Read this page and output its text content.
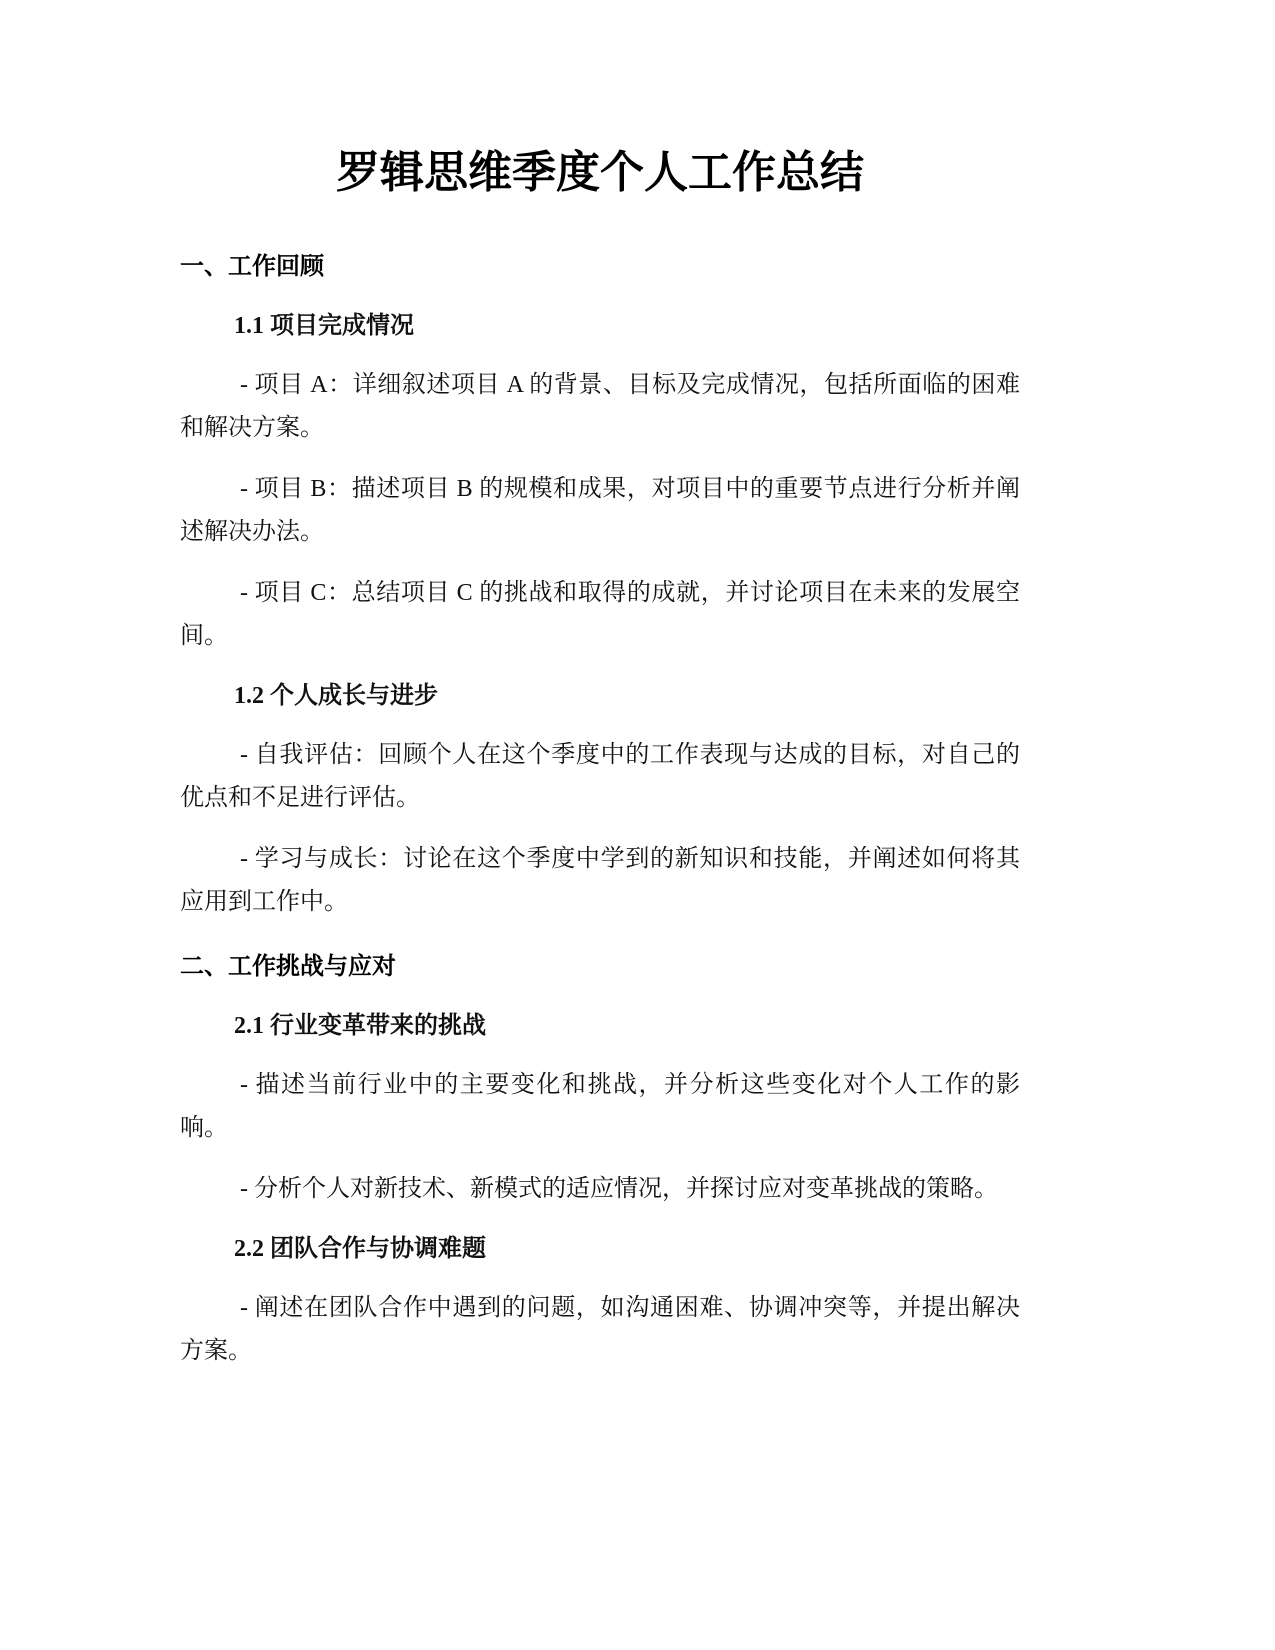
罗辑思维季度个人工作总结
一、工作回顾
1.1 项目完成情况

- 项目 A：详细叙述项目 A 的背景、目标及完成情况，包括所面临的困难和解决方案。

- 项目 B：描述项目 B 的规模和成果，对项目中的重要节点进行分析并阐述解决办法。

- 项目 C：总结项目 C 的挑战和取得的成就，并讨论项目在未来的发展空间。

1.2 个人成长与进步

- 自我评估：回顾个人在这个季度中的工作表现与达成的目标，对自己的优点和不足进行评估。

- 学习与成长：讨论在这个季度中学到的新知识和技能，并阐述如何将其应用到工作中。

二、工作挑战与应对
2.1 行业变革带来的挑战

- 描述当前行业中的主要变化和挑战，并分析这些变化对个人工作的影响。

- 分析个人对新技术、新模式的适应情况，并探讨应对变革挑战的策略。

2.2 团队合作与协调难题

- 阐述在团队合作中遇到的问题，如沟通困难、协调冲突等，并提出解决方案。
